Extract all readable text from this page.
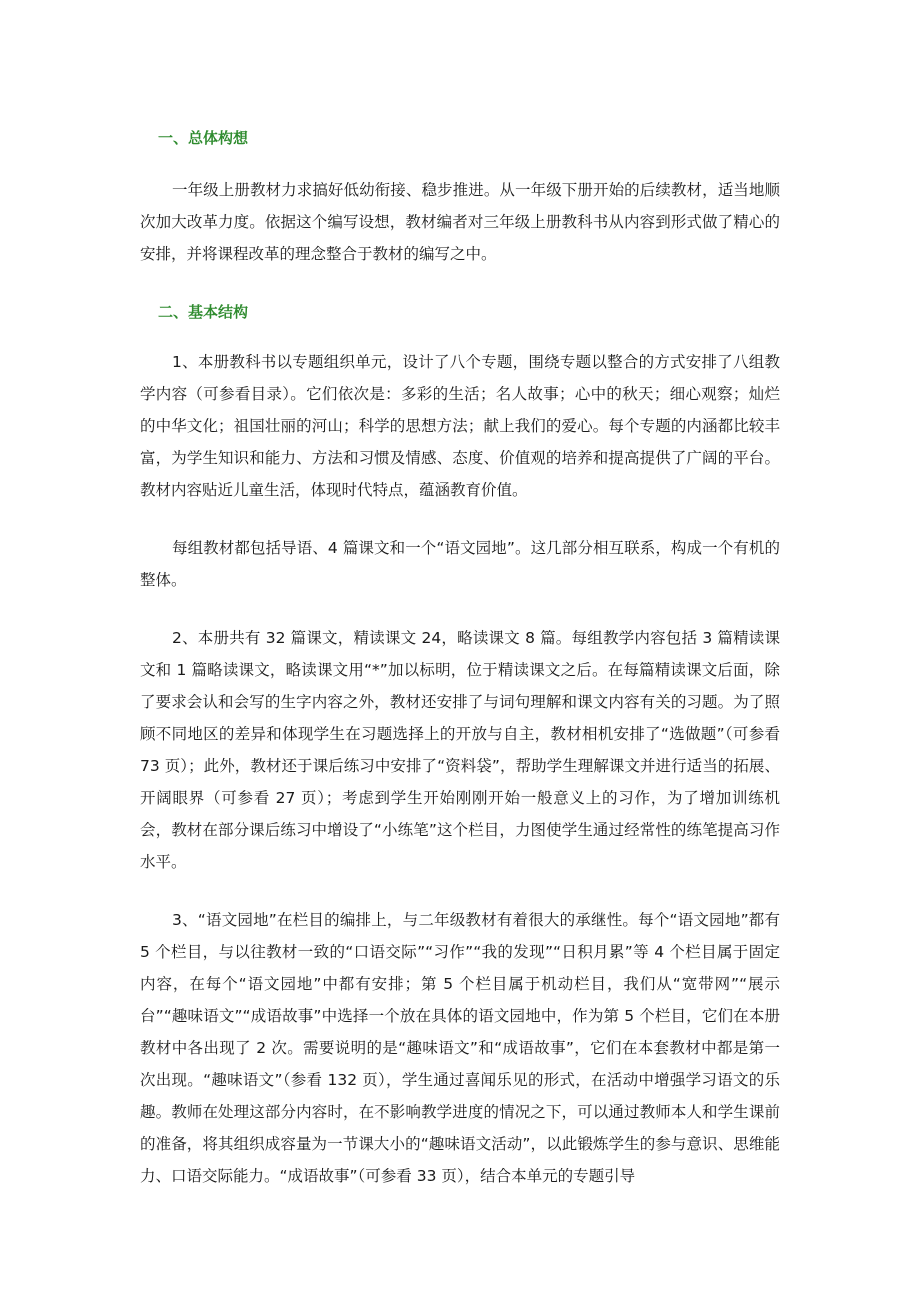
一、总体构想

一年级上册教材力求搞好低幼衔接、稳步推进。从一年级下册开始的后续教材，适当地顺次加大改革力度。依据这个编写设想，教材编者对三年级上册教科书从内容到形式做了精心的安排，并将课程改革的理念整合于教材的编写之中。

二、基本结构

1、本册教科书以专题组织单元，设计了八个专题，围绕专题以整合的方式安排了八组教学内容（可参看目录）。它们依次是：多彩的生活；名人故事；心中的秋天；细心观察；灿烂的中华文化；祖国壮丽的河山；科学的思想方法；献上我们的爱心。每个专题的内涵都比较丰富，为学生知识和能力、方法和习惯及情感、态度、价值观的培养和提高提供了广阔的平台。教材内容贴近儿童生活，体现时代特点，蕴涵教育价值。

每组教材都包括导语、4 篇课文和一个“语文园地”。这几部分相互联系，构成一个有机的整体。

2、本册共有 32 篇课文，精读课文 24，略读课文 8 篇。每组教学内容包括 3 篇精读课文和 1 篇略读课文，略读课文用“*”加以标明，位于精读课文之后。在每篇精读课文后面，除了要求会认和会写的生字内容之外，教材还安排了与词句理解和课文内容有关的习题。为了照顾不同地区的差异和体现学生在习题选择上的开放与自主，教材相机安排了“选做题”（可参看 73 页）；此外，教材还于课后练习中安排了“资料袋”，帮助学生理解课文并进行适当的拓展、开阔眼界（可参看 27 页）；考虑到学生开始刚刚开始一般意义上的习作，为了增加训练机会，教材在部分课后练习中增设了“小练笔”这个栏目，力图使学生通过经常性的练笔提高习作水平。

3、“语文园地”在栏目的编排上，与二年级教材有着很大的承继性。每个“语文园地”都有 5 个栏目，与以往教材一致的“口语交际”“习作”“我的发现”“日积月累”等 4 个栏目属于固定内容，在每个“语文园地”中都有安排；第 5 个栏目属于机动栏目，我们从“宽带网”“展示台”“趣味语文”“成语故事”中选择一个放在具体的语文园地中，作为第 5 个栏目，它们在本册教材中各出现了 2 次。需要说明的是“趣味语文”和“成语故事”，它们在本套教材中都是第一次出现。“趣味语文”（参看 132 页），学生通过喜闻乐见的形式，在活动中增强学习语文的乐趣。教师在处理这部分内容时，在不影响教学进度的情况之下，可以通过教师本人和学生课前的准备，将其组织成容量为一节课大小的“趣味语文活动”，以此锻炼学生的参与意识、思维能力、口语交际能力。“成语故事”（可参看 33 页），结合本单元的专题引导
